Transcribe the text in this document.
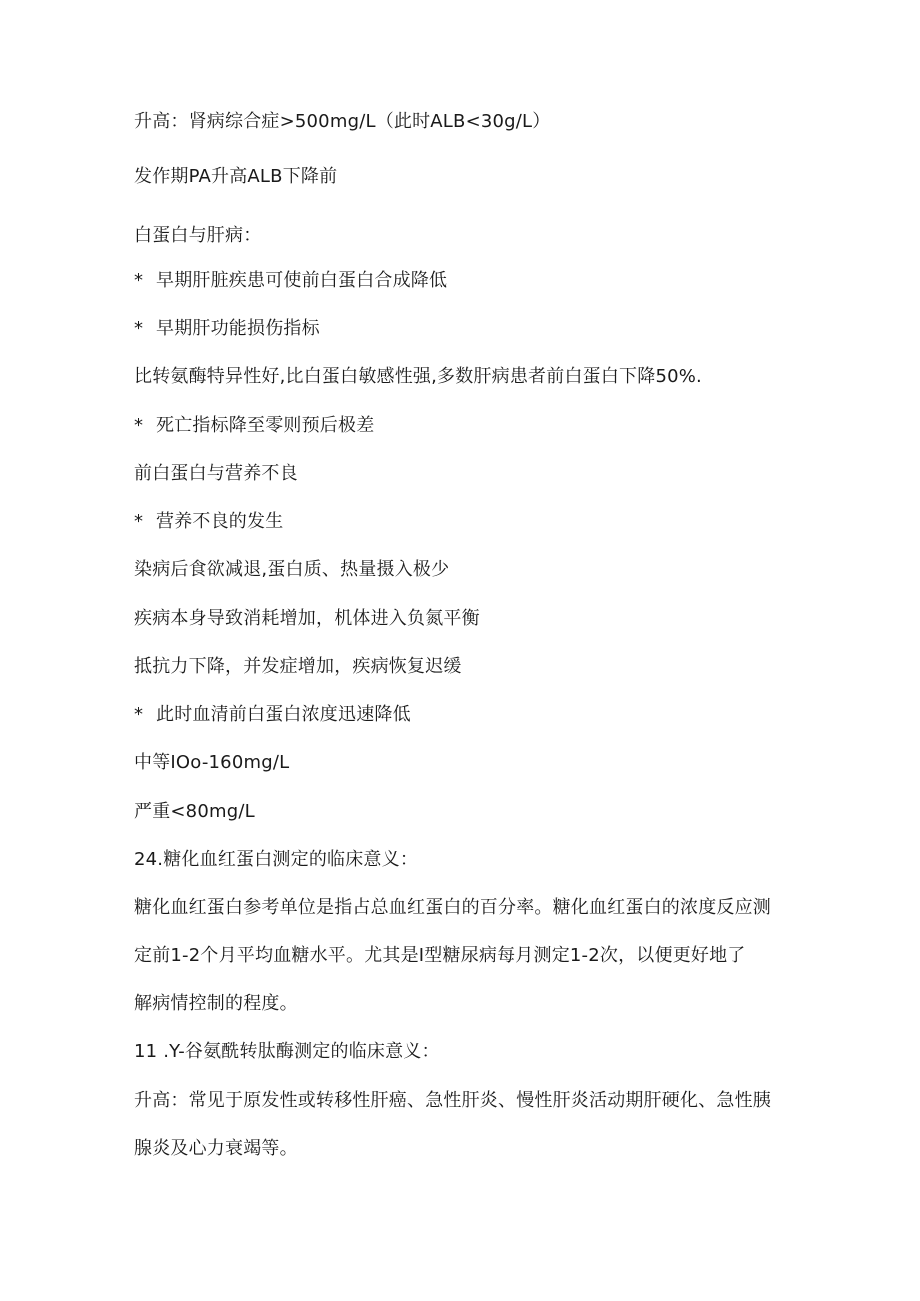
升高：肾病综合症>500mg∕L（此时ALB<30g∕L）

发作期PA升高ALB下降前

白蛋白与肝病：

* 早期肝脏疾患可使前白蛋白合成降低

* 早期肝功能损伤指标

比转氨酶特异性好,比白蛋白敏感性强,多数肝病患者前白蛋白下降50%.

* 死亡指标降至零则预后极差

前白蛋白与营养不良

* 营养不良的发生

染病后食欲减退,蛋白质、热量摄入极少

疾病本身导致消耗增加，机体进入负氮平衡

抵抗力下降，并发症增加，疾病恢复迟缓

* 此时血清前白蛋白浓度迅速降低

中等IOo-160mg∕L

严重<80mg∕L

24.糖化血红蛋白测定的临床意义：

糖化血红蛋白参考单位是指占总血红蛋白的百分率。糖化血红蛋白的浓度反应测

定前1-2个月平均血糖水平。尤其是I型糖尿病每月测定1-2次，以便更好地了

解病情控制的程度。

11 .Y-谷氨酰转肽酶测定的临床意义：

升高：常见于原发性或转移性肝癌、急性肝炎、慢性肝炎活动期肝硬化、急性胰

腺炎及心力衰竭等。
